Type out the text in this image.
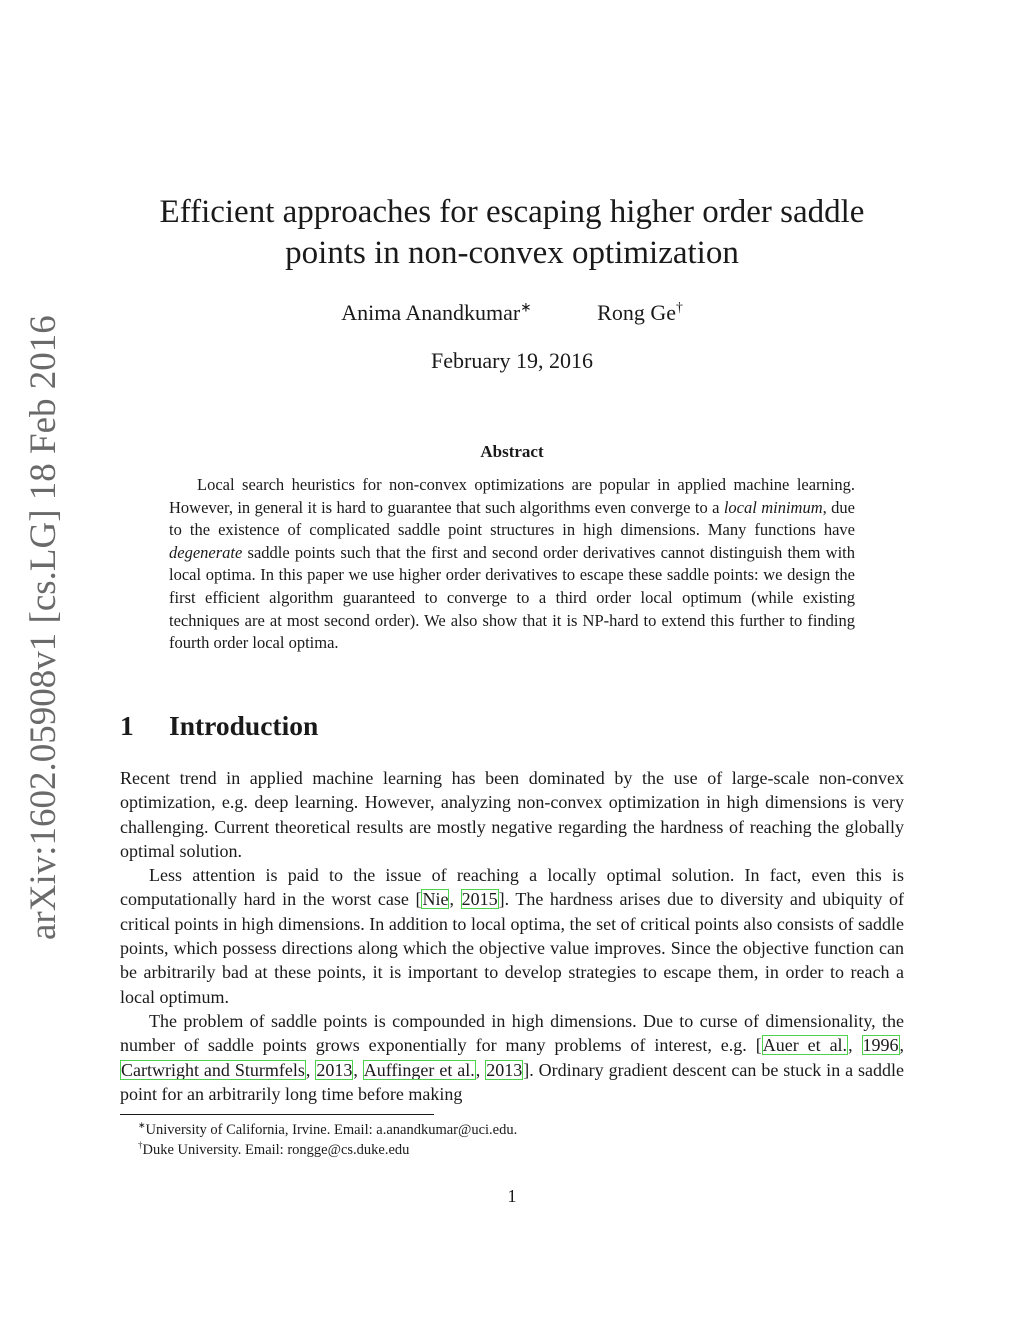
arXiv:1602.05908v1 [cs.LG] 18 Feb 2016
Efficient approaches for escaping higher order saddle
points in non-convex optimization
Anima Anandkumar∗	Rong Ge†
February 19, 2016
Abstract

Local search heuristics for non-convex optimizations are popular in applied machine learning. However, in general it is hard to guarantee that such algorithms even converge to a local minimum, due to the existence of complicated saddle point structures in high dimensions. Many functions have degenerate saddle points such that the first and second order derivatives cannot distinguish them with local optima. In this paper we use higher order derivatives to escape these saddle points: we design the first efficient algorithm guaranteed to converge to a third order local optimum (while existing techniques are at most second order). We also show that it is NP-hard to extend this further to finding fourth order local optima.

1 Introduction

Recent trend in applied machine learning has been dominated by the use of large-scale non-convex optimization, e.g. deep learning. However, analyzing non-convex optimization in high dimensions is very challenging. Current theoretical results are mostly negative regarding the hardness of reaching the globally optimal solution.

Less attention is paid to the issue of reaching a locally optimal solution. In fact, even this is computationally hard in the worst case [Nie, 2015]. The hardness arises due to diversity and ubiquity of critical points in high dimensions. In addition to local optima, the set of critical points also consists of saddle points, which possess directions along which the objective value improves. Since the objective function can be arbitrarily bad at these points, it is important to develop strategies to escape them, in order to reach a local optimum.

The problem of saddle points is compounded in high dimensions. Due to curse of dimensionality, the number of saddle points grows exponentially for many problems of interest, e.g. [Auer et al., 1996, Cartwright and Sturmfels, 2013, Auffinger et al., 2013]. Ordinary gradient descent can be stuck in a saddle point for an arbitrarily long time before making

∗University of California, Irvine. Email: a.anandkumar@uci.edu.
†Duke University. Email: rongge@cs.duke.edu
1
